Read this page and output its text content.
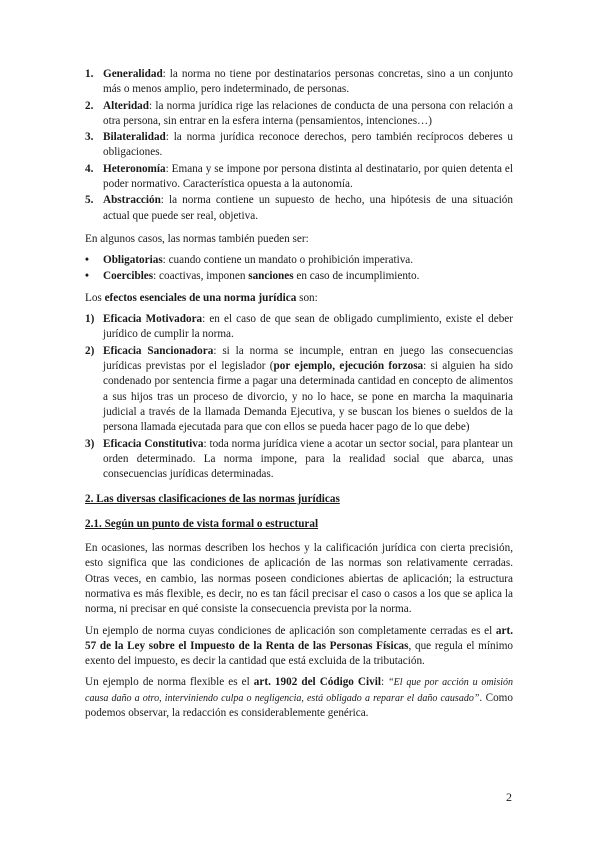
1. Generalidad: la norma no tiene por destinatarios personas concretas, sino a un conjunto más o menos amplio, pero indeterminado, de personas.
2. Alteridad: la norma jurídica rige las relaciones de conducta de una persona con relación a otra persona, sin entrar en la esfera interna (pensamientos, intenciones…)
3. Bilateralidad: la norma jurídica reconoce derechos, pero también recíprocos deberes u obligaciones.
4. Heteronomía: Emana y se impone por persona distinta al destinatario, por quien detenta el poder normativo. Característica opuesta a la autonomía.
5. Abstracción: la norma contiene un supuesto de hecho, una hipótesis de una situación actual que puede ser real, objetiva.

En algunos casos, las normas también pueden ser:

• Obligatorias: cuando contiene un mandato o prohibición imperativa.
• Coercibles: coactivas, imponen sanciones en caso de incumplimiento.

Los efectos esenciales de una norma jurídica son:

1) Eficacia Motivadora: en el caso de que sean de obligado cumplimiento, existe el deber jurídico de cumplir la norma.
2) Eficacia Sancionadora: si la norma se incumple, entran en juego las consecuencias jurídicas previstas por el legislador (por ejemplo, ejecución forzosa: si alguien ha sido condenado por sentencia firme a pagar una determinada cantidad en concepto de alimentos a sus hijos tras un proceso de divorcio, y no lo hace, se pone en marcha la maquinaria judicial a través de la llamada Demanda Ejecutiva, y se buscan los bienes o sueldos de la persona llamada ejecutada para que con ellos se pueda hacer pago de lo que debe)
3) Eficacia Constitutiva: toda norma jurídica viene a acotar un sector social, para plantear un orden determinado. La norma impone, para la realidad social que abarca, unas consecuencias jurídicas determinadas.
2. Las diversas clasificaciones de las normas jurídicas
2.1. Según un punto de vista formal o estructural

En ocasiones, las normas describen los hechos y la calificación jurídica con cierta precisión, esto significa que las condiciones de aplicación de las normas son relativamente cerradas. Otras veces, en cambio, las normas poseen condiciones abiertas de aplicación; la estructura normativa es más flexible, es decir, no es tan fácil precisar el caso o casos a los que se aplica la norma, ni precisar en qué consiste la consecuencia prevista por la norma.

Un ejemplo de norma cuyas condiciones de aplicación son completamente cerradas es el art. 57 de la Ley sobre el Impuesto de la Renta de las Personas Físicas, que regula el mínimo exento del impuesto, es decir la cantidad que está excluida de la tributación.

Un ejemplo de norma flexible es el art. 1902 del Código Civil: “El que por acción u omisión causa daño a otro, interviniendo culpa o negligencia, está obligado a reparar el daño causado”. Como podemos observar, la redacción es considerablemente genérica.

2
